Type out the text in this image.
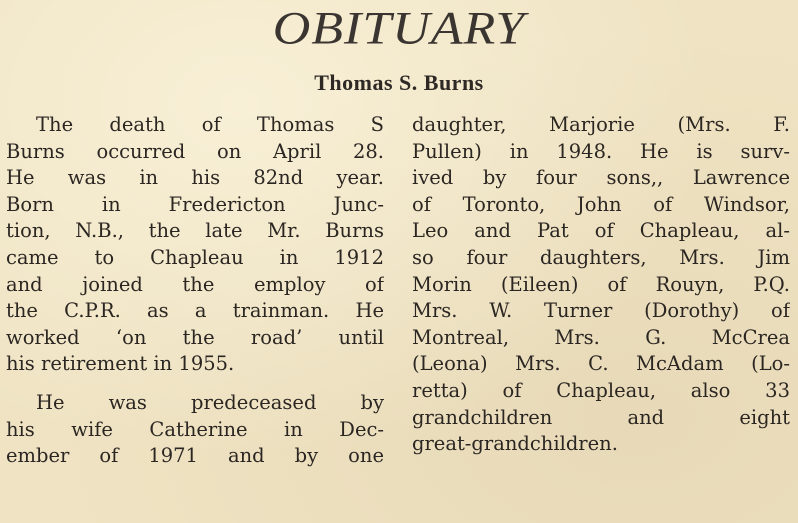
OBITUARY
Thomas S. Burns
The death of Thomas S
Burns occurred on April 28.
He was in his 82nd year.
Born in Fredericton Junc-
tion, N.B., the late Mr. Burns
came to Chapleau in 1912
and joined the employ of
the C.P.R. as a trainman. He
worked ‘on the road’ until
his retirement in 1955.
He was predeceased by
his wife Catherine in Dec-
ember of 1971 and by one
daughter, Marjorie (Mrs. F.
Pullen) in 1948. He is surv-
ived by four sons,, Lawrence
of Toronto, John of Windsor,
Leo and Pat of Chapleau, al-
so four daughters, Mrs. Jim
Morin (Eileen) of Rouyn, P.Q.
Mrs. W. Turner (Dorothy) of
Montreal, Mrs. G. McCrea
(Leona) Mrs. C. McAdam (Lo-
retta) of Chapleau, also 33
grandchildren and eight
great-grandchildren.
